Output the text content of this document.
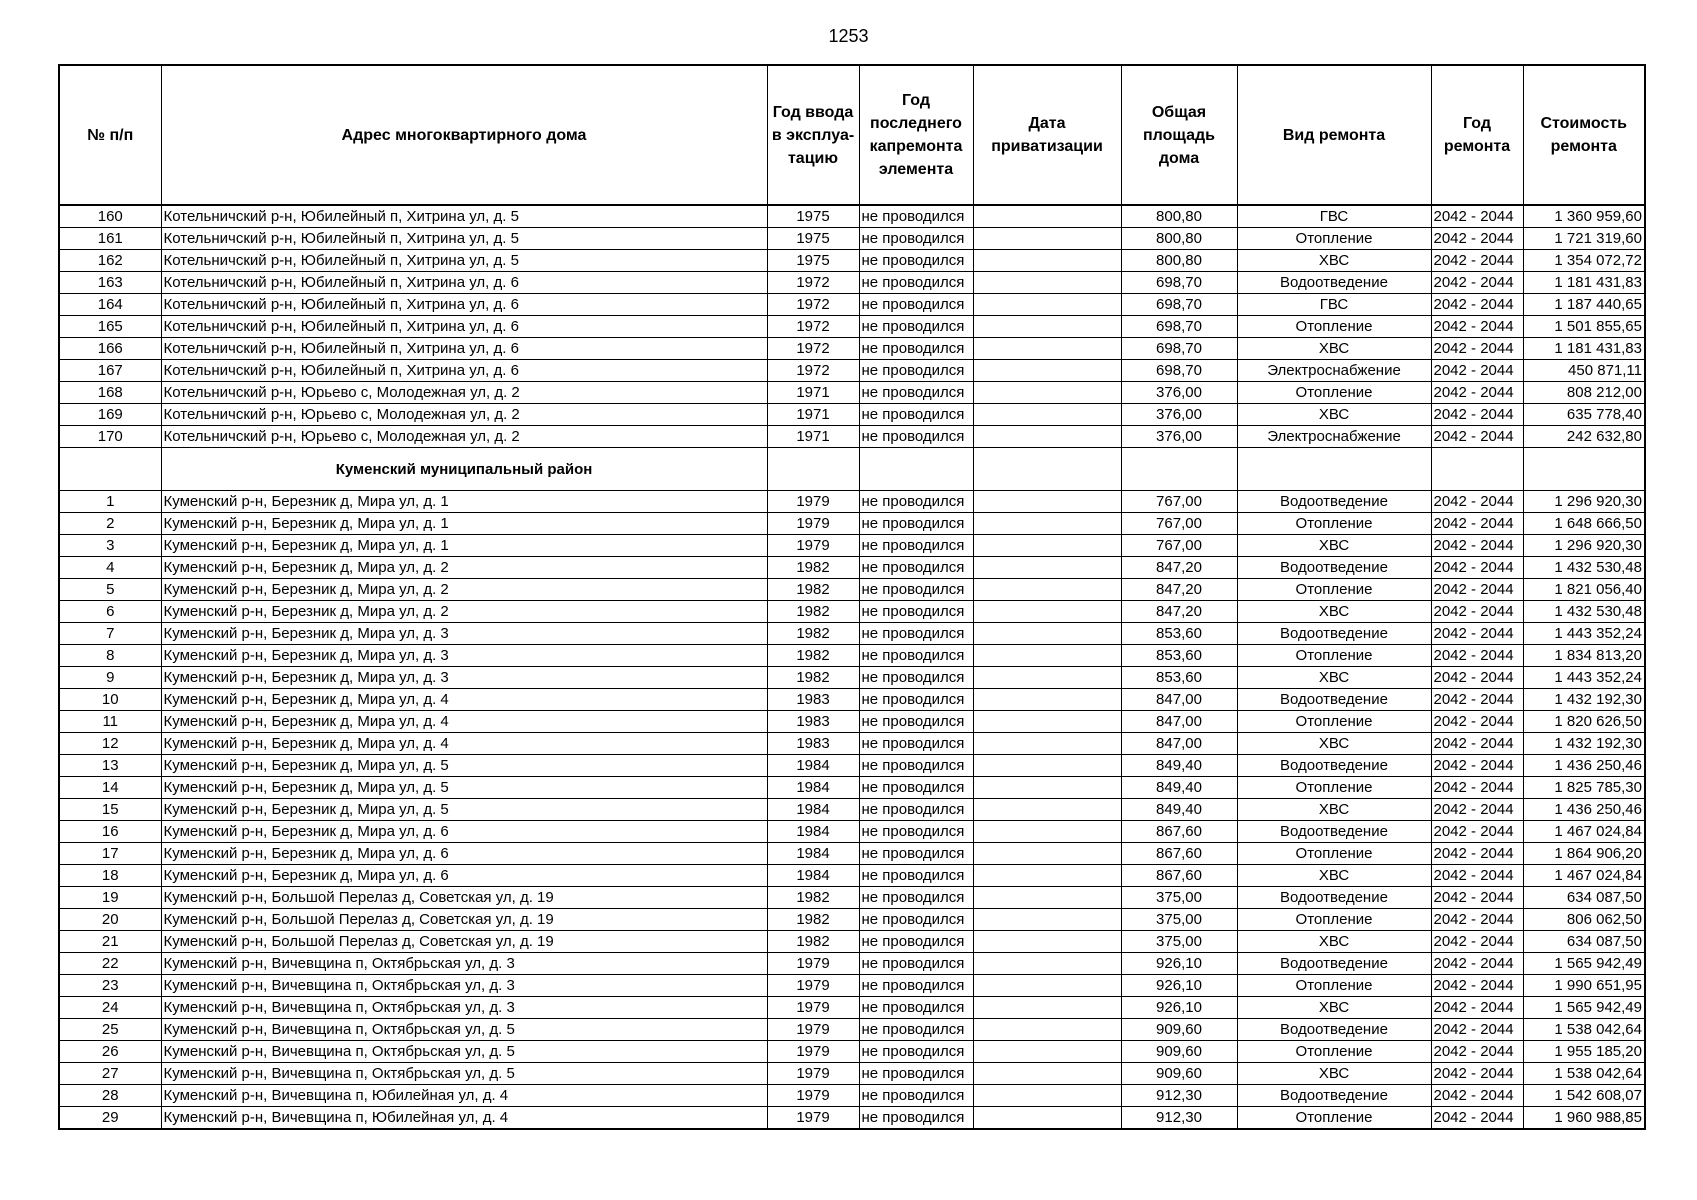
1253
№ п/п	Адрес многоквартирного дома	Год ввода в эксплуа- тацию	Год последнего капремонта элемента	Дата приватизации	Общая площадь дома	Вид ремонта	Год ремонта	Стоимость ремонта
160	Котельничский р-н, Юбилейный п, Хитрина ул, д. 5	1975	не проводился		800,80	ГВС	2042 - 2044	1 360 959,60
161	Котельничский р-н, Юбилейный п, Хитрина ул, д. 5	1975	не проводился		800,80	Отопление	2042 - 2044	1 721 319,60
162	Котельничский р-н, Юбилейный п, Хитрина ул, д. 5	1975	не проводился		800,80	ХВС	2042 - 2044	1 354 072,72
163	Котельничский р-н, Юбилейный п, Хитрина ул, д. 6	1972	не проводился		698,70	Водоотведение	2042 - 2044	1 181 431,83
164	Котельничский р-н, Юбилейный п, Хитрина ул, д. 6	1972	не проводился		698,70	ГВС	2042 - 2044	1 187 440,65
165	Котельничский р-н, Юбилейный п, Хитрина ул, д. 6	1972	не проводился		698,70	Отопление	2042 - 2044	1 501 855,65
166	Котельничский р-н, Юбилейный п, Хитрина ул, д. 6	1972	не проводился		698,70	ХВС	2042 - 2044	1 181 431,83
167	Котельничский р-н, Юбилейный п, Хитрина ул, д. 6	1972	не проводился		698,70	Электроснабжение	2042 - 2044	450 871,11
168	Котельничский р-н, Юрьево с, Молодежная ул, д. 2	1971	не проводился		376,00	Отопление	2042 - 2044	808 212,00
169	Котельничский р-н, Юрьево с, Молодежная ул, д. 2	1971	не проводился		376,00	ХВС	2042 - 2044	635 778,40
170	Котельничский р-н, Юрьево с, Молодежная ул, д. 2	1971	не проводился		376,00	Электроснабжение	2042 - 2044	242 632,80
	Куменский муниципальный район							
1	Куменский р-н, Березник д, Мира ул, д. 1	1979	не проводился		767,00	Водоотведение	2042 - 2044	1 296 920,30
2	Куменский р-н, Березник д, Мира ул, д. 1	1979	не проводился		767,00	Отопление	2042 - 2044	1 648 666,50
3	Куменский р-н, Березник д, Мира ул, д. 1	1979	не проводился		767,00	ХВС	2042 - 2044	1 296 920,30
4	Куменский р-н, Березник д, Мира ул, д. 2	1982	не проводился		847,20	Водоотведение	2042 - 2044	1 432 530,48
5	Куменский р-н, Березник д, Мира ул, д. 2	1982	не проводился		847,20	Отопление	2042 - 2044	1 821 056,40
6	Куменский р-н, Березник д, Мира ул, д. 2	1982	не проводился		847,20	ХВС	2042 - 2044	1 432 530,48
7	Куменский р-н, Березник д, Мира ул, д. 3	1982	не проводился		853,60	Водоотведение	2042 - 2044	1 443 352,24
8	Куменский р-н, Березник д, Мира ул, д. 3	1982	не проводился		853,60	Отопление	2042 - 2044	1 834 813,20
9	Куменский р-н, Березник д, Мира ул, д. 3	1982	не проводился		853,60	ХВС	2042 - 2044	1 443 352,24
10	Куменский р-н, Березник д, Мира ул, д. 4	1983	не проводился		847,00	Водоотведение	2042 - 2044	1 432 192,30
11	Куменский р-н, Березник д, Мира ул, д. 4	1983	не проводился		847,00	Отопление	2042 - 2044	1 820 626,50
12	Куменский р-н, Березник д, Мира ул, д. 4	1983	не проводился		847,00	ХВС	2042 - 2044	1 432 192,30
13	Куменский р-н, Березник д, Мира ул, д. 5	1984	не проводился		849,40	Водоотведение	2042 - 2044	1 436 250,46
14	Куменский р-н, Березник д, Мира ул, д. 5	1984	не проводился		849,40	Отопление	2042 - 2044	1 825 785,30
15	Куменский р-н, Березник д, Мира ул, д. 5	1984	не проводился		849,40	ХВС	2042 - 2044	1 436 250,46
16	Куменский р-н, Березник д, Мира ул, д. 6	1984	не проводился		867,60	Водоотведение	2042 - 2044	1 467 024,84
17	Куменский р-н, Березник д, Мира ул, д. 6	1984	не проводился		867,60	Отопление	2042 - 2044	1 864 906,20
18	Куменский р-н, Березник д, Мира ул, д. 6	1984	не проводился		867,60	ХВС	2042 - 2044	1 467 024,84
19	Куменский р-н, Большой Перелаз д, Советская ул, д. 19	1982	не проводился		375,00	Водоотведение	2042 - 2044	634 087,50
20	Куменский р-н, Большой Перелаз д, Советская ул, д. 19	1982	не проводился		375,00	Отопление	2042 - 2044	806 062,50
21	Куменский р-н, Большой Перелаз д, Советская ул, д. 19	1982	не проводился		375,00	ХВС	2042 - 2044	634 087,50
22	Куменский р-н, Вичевщина п, Октябрьская ул, д. 3	1979	не проводился		926,10	Водоотведение	2042 - 2044	1 565 942,49
23	Куменский р-н, Вичевщина п, Октябрьская ул, д. 3	1979	не проводился		926,10	Отопление	2042 - 2044	1 990 651,95
24	Куменский р-н, Вичевщина п, Октябрьская ул, д. 3	1979	не проводился		926,10	ХВС	2042 - 2044	1 565 942,49
25	Куменский р-н, Вичевщина п, Октябрьская ул, д. 5	1979	не проводился		909,60	Водоотведение	2042 - 2044	1 538 042,64
26	Куменский р-н, Вичевщина п, Октябрьская ул, д. 5	1979	не проводился		909,60	Отопление	2042 - 2044	1 955 185,20
27	Куменский р-н, Вичевщина п, Октябрьская ул, д. 5	1979	не проводился		909,60	ХВС	2042 - 2044	1 538 042,64
28	Куменский р-н, Вичевщина п, Юбилейная ул, д. 4	1979	не проводился		912,30	Водоотведение	2042 - 2044	1 542 608,07
29	Куменский р-н, Вичевщина п, Юбилейная ул, д. 4	1979	не проводился		912,30	Отопление	2042 - 2044	1 960 988,85
